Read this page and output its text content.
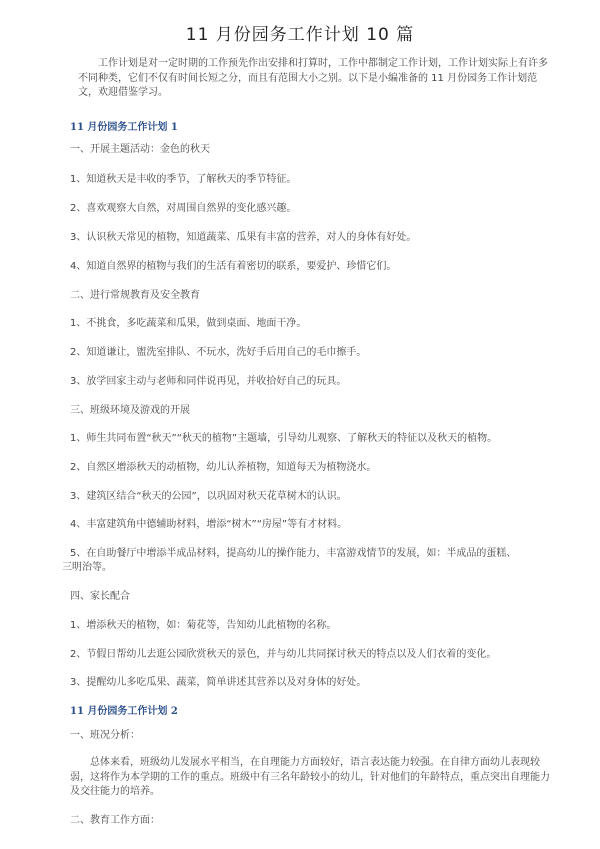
11 月份园务工作计划 10 篇
工作计划是对一定时期的工作预先作出安排和打算时，工作中都制定工作计划，工作计划实际上有许多不同种类，它们不仅有时间长短之分，而且有范围大小之别。以下是小编准备的 11 月份园务工作计划范文，欢迎借鉴学习。
11 月份园务工作计划 1
一、开展主题活动：金色的秋天
1、知道秋天是丰收的季节，了解秋天的季节特征。
2、喜欢观察大自然，对周围自然界的变化感兴趣。
3、认识秋天常见的植物，知道蔬菜、瓜果有丰富的营养，对人的身体有好处。
4、知道自然界的植物与我们的生活有着密切的联系，要爱护、珍惜它们。
二、进行常规教育及安全教育
1、不挑食，多吃蔬菜和瓜果，做到桌面、地面干净。
2、知道谦让，盥洗室排队、不玩水，洗好手后用自己的毛巾擦手。
3、放学回家主动与老师和同伴说再见，并收拾好自己的玩具。
三、班级环境及游戏的开展
1、师生共同布置“秋天”“秋天的植物”主题墙，引导幼儿观察、了解秋天的特征以及秋天的植物。
2、自然区增添秋天的动植物，幼儿认养植物，知道每天为植物浇水。
3、建筑区结合“秋天的公园”，以巩固对秋天花草树木的认识。
4、丰富建筑角中德辅助材料，增添“树木”“房屋”等有才材料。
5、在自助餐厅中增添半成品材料，提高幼儿的操作能力，丰富游戏情节的发展，如：半成品的蛋糕、
三明治等。
四、家长配合
1、增添秋天的植物，如：菊花等，告知幼儿此植物的名称。
2、节假日帮幼儿去逛公园欣赏秋天的景色，并与幼儿共同探讨秋天的特点以及人们衣着的变化。
3、提醒幼儿多吃瓜果、蔬菜，简单讲述其营养以及对身体的好处。
11 月份园务工作计划 2
一、班况分析：
总体来看，班级幼儿发展水平相当，在自理能力方面较好，语言表达能力较强。在自律方面幼儿表现较弱，这将作为本学期的工作的重点。班级中有三名年龄较小的幼儿，针对他们的年龄特点，重点突出自理能力及交往能力的培养。
二、教育工作方面：
